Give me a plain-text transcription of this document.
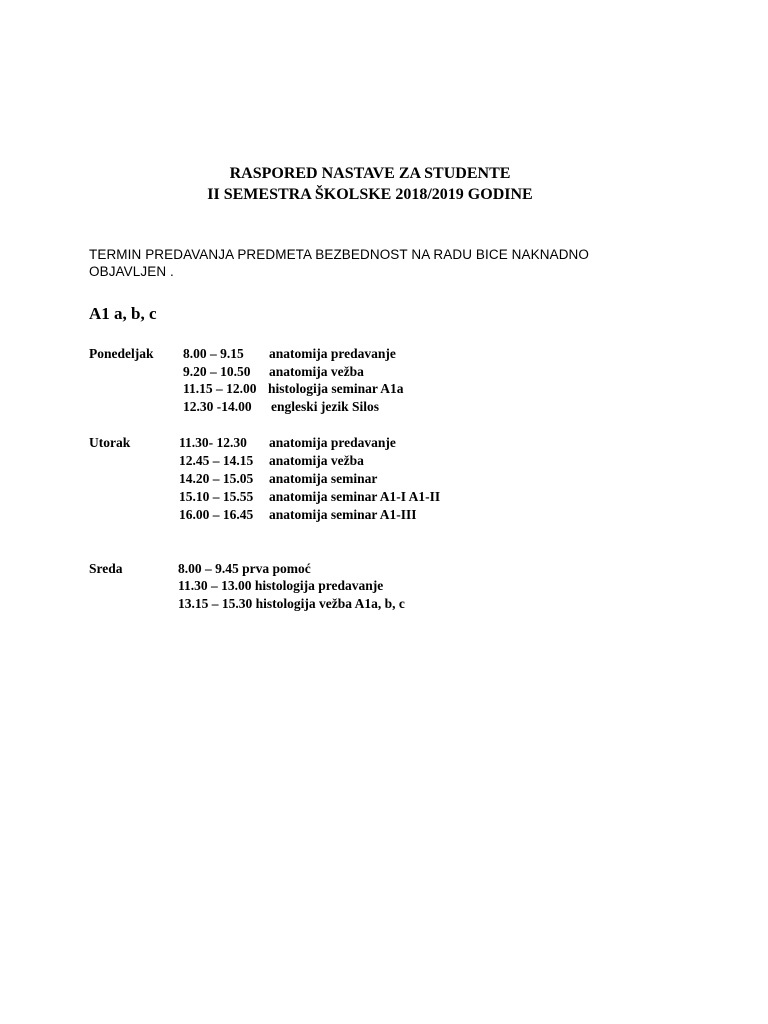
RASPORED NASTAVE ZA STUDENTE
II SEMESTRA ŠKOLSKE 2018/2019 GODINE
TERMIN PREDAVANJA PREDMETA BEZBEDNOST NA RADU BICE NAKNADNO
OBJAVLJEN .
A1 a, b, c
Ponedeljak 8.00 – 9.15 anatomija predavanje
9.20 – 10.50 anatomija vežba
11.15 – 12.00 histologija seminar A1a
12.30 -14.00 engleski jezik Silos
Utorak	11.30- 12.30 anatomija predavanje
12.45 – 14.15 anatomija vežba
14.20 – 15.05 anatomija seminar
15.10 – 15.55 anatomija seminar A1-I A1-II
16.00 – 16.45 anatomija seminar A1-III
Sreda	8.00 – 9.45 prva pomoć
11.30 – 13.00 histologija predavanje
13.15 – 15.30 histologija vežba A1a, b, c
